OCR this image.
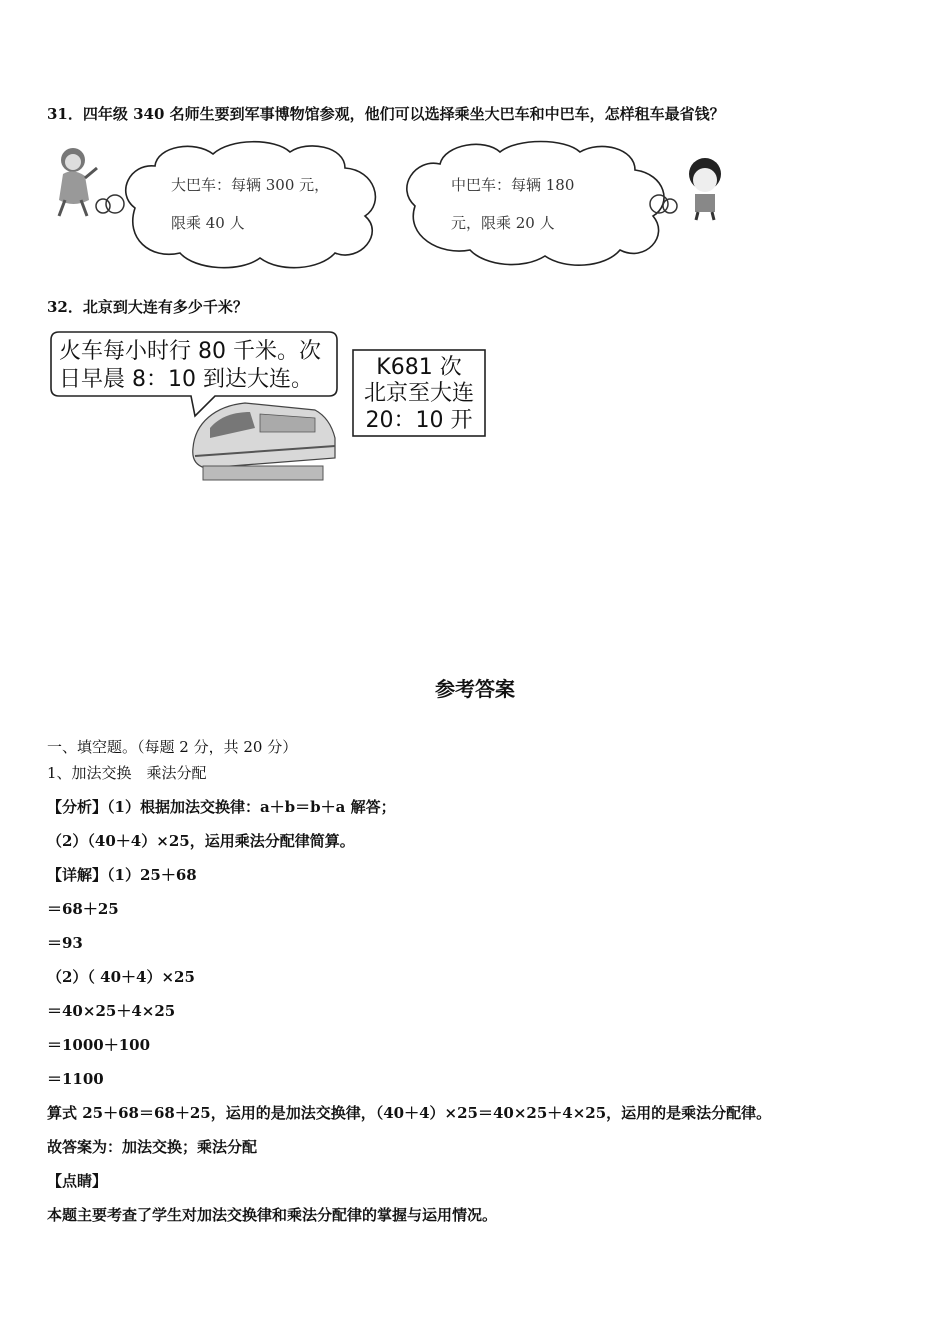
31．四年级 340 名师生要到军事博物馆参观，他们可以选择乘坐大巴车和中巴车，怎样租车最省钱？
大巴车：每辆 300 元，
限乘 40 人
中巴车：每辆 180
元，限乘 20 人
32．北京到大连有多少千米？
火车每小时行 80 千米。次
日早晨 8：10 到达大连。	K681 次
北京至大连
20：10 开
参考答案
一、填空题。（每题 2 分，共 20 分）
1、加法交换　乘法分配
【分析】（1）根据加法交换律：a＋b＝b＋a 解答；
（2）（40＋4）×25，运用乘法分配律简算。
【详解】（1）25＋68
＝68＋25
＝93
（2）（ 40＋4）×25
＝40×25＋4×25
＝1000＋100
＝1100
算式 25＋68＝68＋25，运用的是加法交换律，（40＋4）×25＝40×25＋4×25，运用的是乘法分配律。
故答案为：加法交换；乘法分配
【点睛】
本题主要考查了学生对加法交换律和乘法分配律的掌握与运用情况。
